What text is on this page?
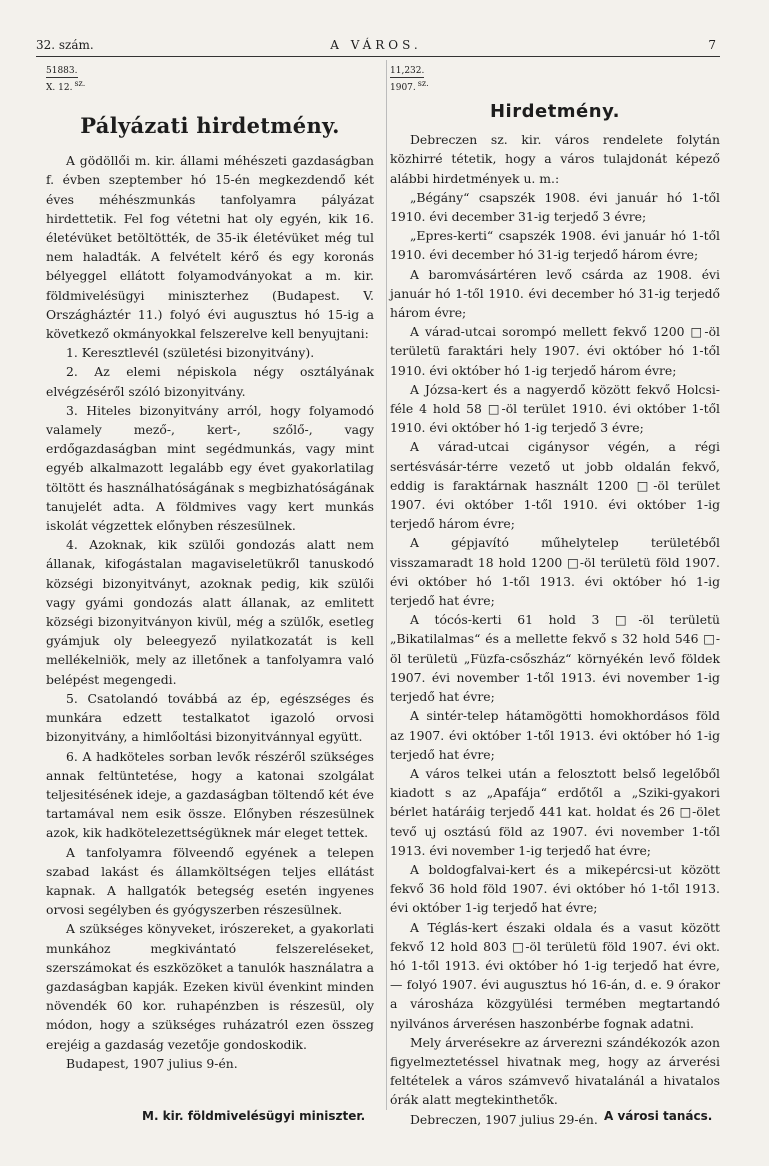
32. szám.	A VÁROS.	7
51883.
X. 12. sz.
Pályázati hirdetmény.

A gödöllői m. kir. állami méhészeti gazdaságban f. évben szeptember hó 15-én megkezdendő két éves méhészmunkás tanfolyamra pályázat hirdettetik. Fel fog vétetni hat oly egyén, kik 16. életévüket betöltötték, de 35-ik életévüket még tul nem haladták. A felvételt kérő és egy koronás bélyeggel ellátott folyamodványokat a m. kir. földmivelésügyi miniszterhez (Budapest. V. Országháztér 11.) folyó évi augusztus hó 15-ig a következő okmányokkal felszerelve kell benyujtani:

1. Keresztlevél (születési bizonyitvány).

2. Az elemi népiskola négy osztályának elvégzéséről szóló bizonyitvány.

3. Hiteles bizonyitvány arról, hogy folyamodó valamely mező-, kert-, szőlő-, vagy erdőgazdaságban mint segédmunkás, vagy mint egyéb alkalmazott legalább egy évet gyakorlatilag töltött és használhatóságának s megbizhatóságának tanujelét adta. A földmives vagy kert munkás iskolát végzettek előnyben részesülnek.

4. Azoknak, kik szülői gondozás alatt nem állanak, kifogástalan magaviseletükről tanuskodó községi bizonyitványt, azoknak pedig, kik szülői vagy gyámi gondozás alatt állanak, az emlitett községi bizonyitványon kivül, még a szülők, esetleg gyámjuk oly beleegyező nyilatkozatát is kell mellékelniök, mely az illetőnek a tanfolyamra való belépést megengedi.

5. Csatolandó továbbá az ép, egészséges és munkára edzett testalkatot igazoló orvosi bizonyitvány, a himlőoltási bizonyitvánnyal együtt.

6. A hadköteles sorban levők részéről szükséges annak feltüntetése, hogy a katonai szolgálat teljesitésének ideje, a gazdaságban töltendő két éve tartamával nem esik össze. Előnyben részesülnek azok, kik hadkötelezettségüknek már eleget tettek.

A tanfolyamra fölveendő egyének a telepen szabad lakást és államköltségen teljes ellátást kapnak. A hallgatók betegség esetén ingyenes orvosi segélyben és gyógyszerben részesülnek.

A szükséges könyveket, irószereket, a gyakorlati munkához megkivántató felszereléseket, szerszámokat és eszközöket a tanulók használatra a gazdaságban kapják. Ezeken kivül évenkint minden növendék 60 kor. ruhapénzben is részesül, oly módon, hogy a szükséges ruházatról ezen összeg erejéig a gazdaság vezetője gondoskodik.

Budapest, 1907 julius 9-én.

11,232.
1907. sz.
Hirdetmény.

Debreczen sz. kir. város rendelete folytán közhirré tétetik, hogy a város tulajdonát képező alábbi hirdetmények u. m.:

„Bégány“ csapszék 1908. évi január hó 1-től 1910. évi december 31-ig terjedő 3 évre;

„Epres-kerti“ csapszék 1908. évi január hó 1-től 1910. évi december hó 31-ig terjedő három évre;

A baromvásártéren levő csárda az 1908. évi január hó 1-től 1910. évi december hó 31-ig terjedő három évre;

A várad-utcai sorompó mellett fekvő 1200 □-öl területü faraktári hely 1907. évi október hó 1-től 1910. évi október hó 1-ig terjedő három évre;

A Józsa-kert és a nagyerdő között fekvő Holcsi-féle 4 hold 58 □-öl terület 1910. évi október 1-től 1910. évi október hó 1-ig terjedő 3 évre;

A várad-utcai cigánysor végén, a régi sertésvásár-térre vezető ut jobb oldalán fekvő, eddig is faraktárnak használt 1200 □-öl terület 1907. évi október 1-től 1910. évi október 1-ig terjedő három évre;

A gépjavító műhelytelep területéből visszamaradt 18 hold 1200 □-öl területü föld 1907. évi október hó 1-től 1913. évi október hó 1-ig terjedő hat évre;

A tócós-kerti 61 hold 3 □-öl területü „Bikatilalmas“ és a mellette fekvő s 32 hold 546 □-öl területü „Füzfa-csőszház“ környékén levő földek 1907. évi november 1-től 1913. évi november 1-ig terjedő hat évre;

A sintér-telep hátamögötti homokhordásos föld az 1907. évi október 1-től 1913. évi október hó 1-ig terjedő hat évre;

A város telkei után a felosztott belső legelőből kiadott s az „Apafája“ erdőtől a „Sziki-gyakori bérlet határáig terjedő 441 kat. holdat és 26 □-ölet tevő uj osztású föld az 1907. évi november 1-től 1913. évi november 1-ig terjedő hat évre;

A boldogfalvai-kert és a mikepércsi-ut között fekvő 36 hold föld 1907. évi október hó 1-től 1913. évi október 1-ig terjedő hat évre;

A Téglás-kert északi oldala és a vasut között fekvő 12 hold 803 □-öl területü föld 1907. évi okt. hó 1-től 1913. évi október hó 1-ig terjedő hat évre, — folyó 1907. évi augusztus hó 16-án, d. e. 9 órakor a városháza közgyülési termében megtartandó nyilvános árverésen haszonbérbe fognak adatni.

Mely árverésekre az árverezni szándékozók azon figyelmeztetéssel hivatnak meg, hogy az árverési feltételek a város számvevő hivatalánál a hivatalos órák alatt megtekinthetők.

Debreczen, 1907 julius 29-én.

M. kir. földmivelésügyi miniszter.	A városi tanács.
